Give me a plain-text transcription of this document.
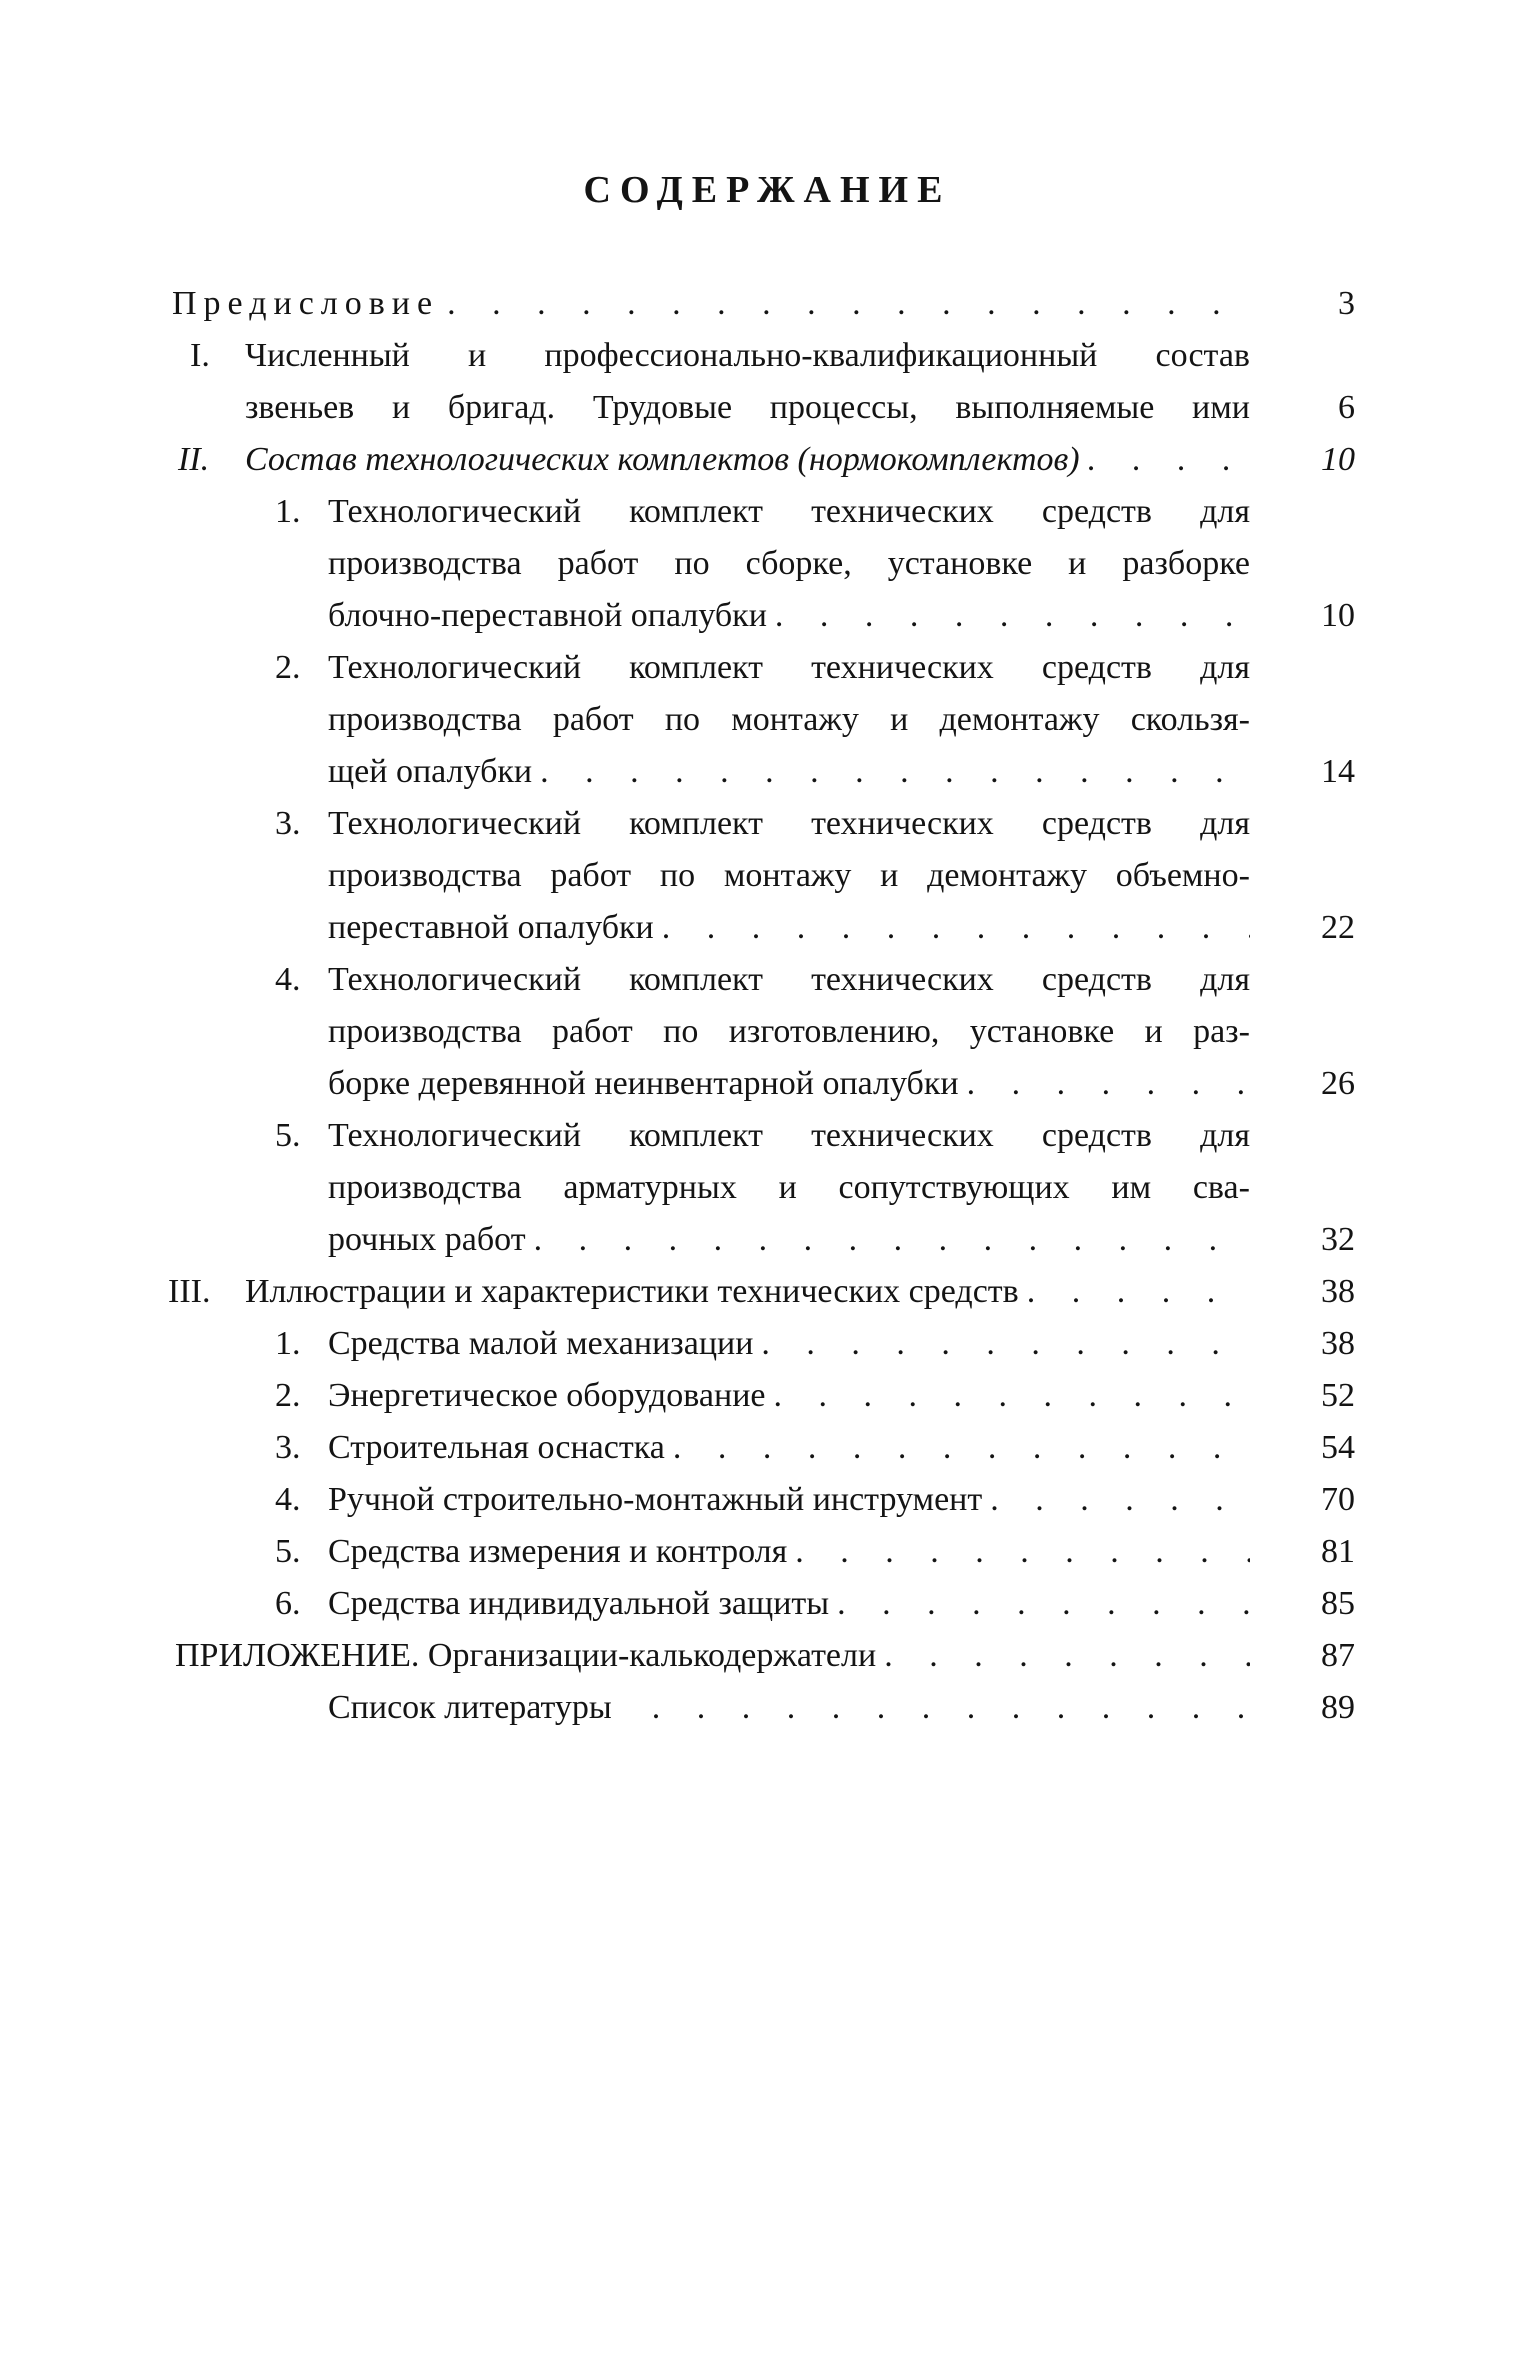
СОДЕРЖАНИЕ
Предисловие . . .	3
I. Численный и профессионально-квалификационный состав
звеньев и бригад. Трудовые процессы, выполняемые ими	6
II. Состав технологических комплектов (нормокомплектов) . . .	10
1. Технологический комплект технических средств для
производства работ по сборке, установке и разборке
блочно-переставной опалубки . . .	10
2. Технологический комплект технических средств для
производства работ по монтажу и демонтажу скользя-
щей опалубки . . .	14
3. Технологический комплект технических средств для
производства работ по монтажу и демонтажу объемно-
переставной опалубки . . .	22
4. Технологический комплект технических средств для
производства работ по изготовлению, установке и раз-
борке деревянной неинвентарной опалубки . . .	26
5. Технологический комплект технических средств для
производства арматурных и сопутствующих им сва-
рочных работ . . .	32
III. Иллюстрации и характеристики технических средств . . .	38
1. Средства малой механизации . . .	38
2. Энергетическое оборудование . . .	52
3. Строительная оснастка . . .	54
4. Ручной строительно-монтажный инструмент . . .	70
5. Средства измерения и контроля . . .	81
6. Средства индивидуальной защиты . . .	85
ПРИЛОЖЕНИЕ. Организации-калькодержатели . . .	87
Список литературы . . .	89
